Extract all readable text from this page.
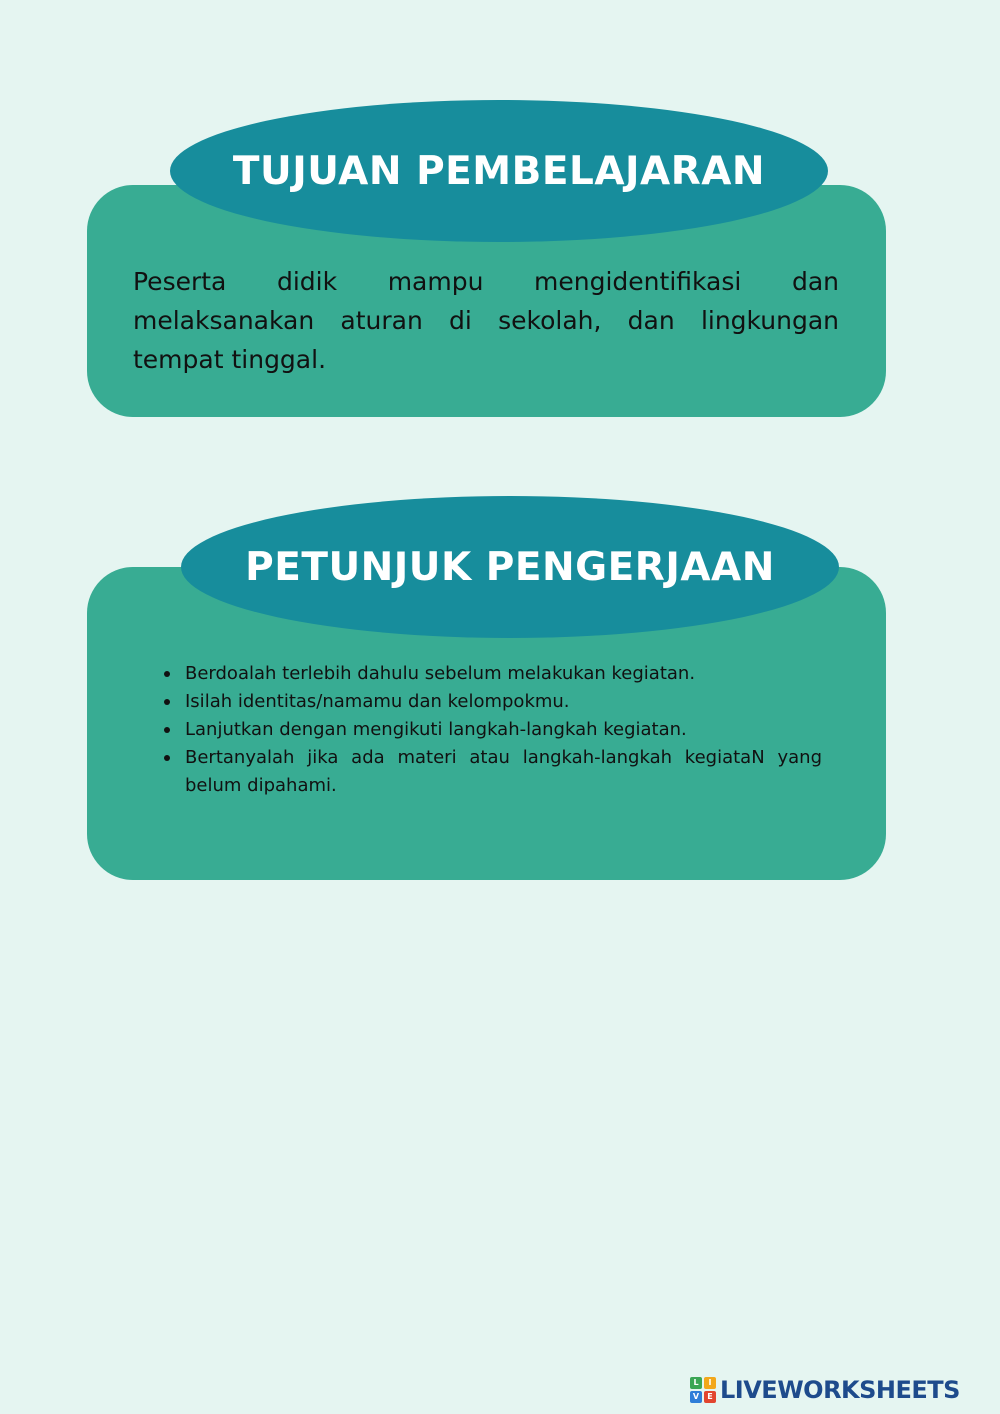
TUJUAN PEMBELAJARAN

Peserta didik mampu mengidentifikasi dan melaksanakan aturan di sekolah, dan lingkungan tempat tinggal.

PETUNJUK PENGERJAAN
Berdoalah terlebih dahulu sebelum melakukan kegiatan.
Isilah identitas/namamu dan kelompokmu.
Lanjutkan dengan mengikuti langkah-langkah kegiatan.
Bertanyalah jika ada materi atau langkah-langkah kegiataN yang belum dipahami.
L	I
V	E LIVEWORKSHEETS
